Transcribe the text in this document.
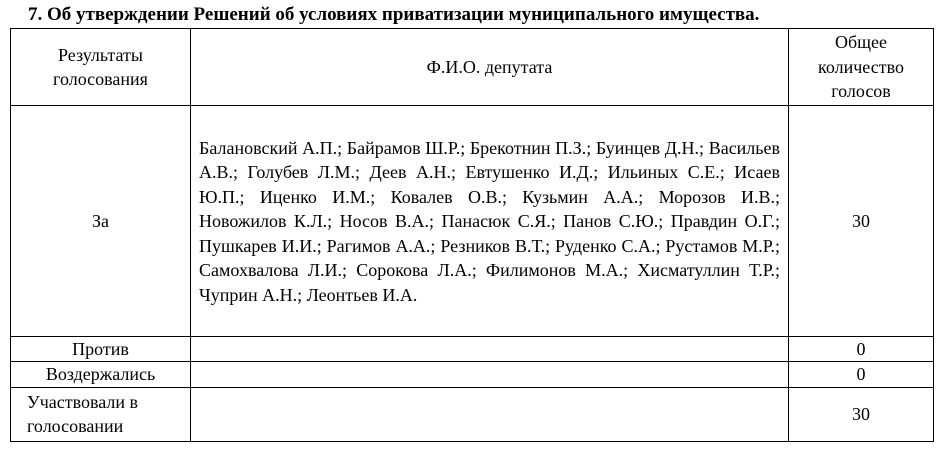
7. Об утверждении Решений об условиях приватизации муниципального имущества.
Результаты голосования	Ф.И.О. депутата	Общее количество голосов
За	Балановский А.П.; Байрамов Ш.Р.; Брекотнин П.З.; Буинцев Д.Н.; Васильев А.В.; Голубев Л.М.; Деев А.Н.; Евтушенко И.Д.; Ильиных С.Е.; Исаев Ю.П.; Иценко И.М.; Ковалев О.В.; Кузьмин А.А.; Морозов И.В.; Новожилов К.Л.; Носов В.А.; Панасюк С.Я.; Панов С.Ю.; Правдин О.Г.; Пушкарев И.И.; Рагимов А.А.; Резников В.Т.; Руденко С.А.; Рустамов М.Р.; Самохвалова Л.И.; Сорокова Л.А.; Филимонов М.А.; Хисматуллин Т.Р.; Чуприн А.Н.; Леонтьев И.А.	30
Против		0
Воздержались		0
Участвовали в голосовании		30
